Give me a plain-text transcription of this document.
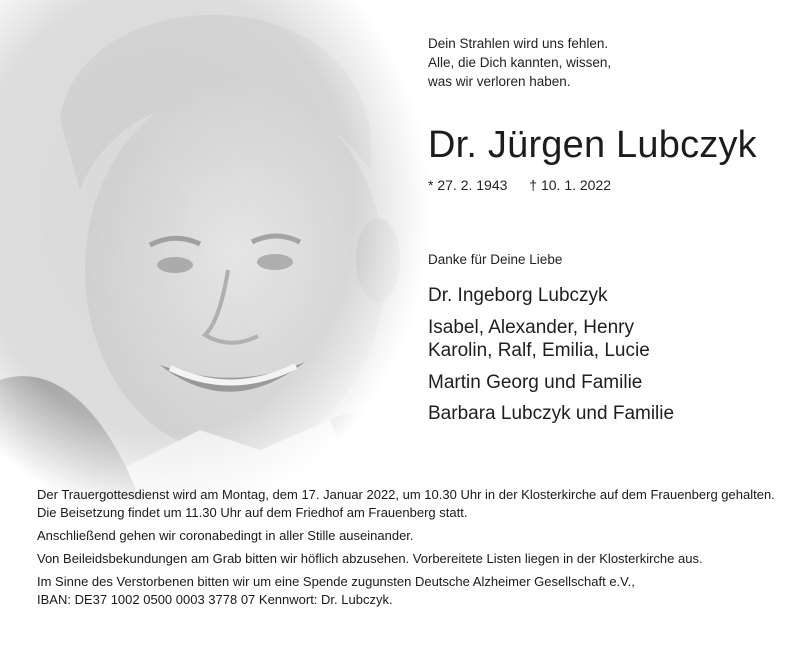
Dein Strahlen wird uns fehlen.
Alle, die Dich kannten, wissen,
was wir verloren haben.
Dr. Jürgen Lubczyk
* 27. 2. 1943 † 10. 1. 2022
Danke für Deine Liebe
Dr. Ingeborg Lubczyk
Isabel, Alexander, Henry
Karolin, Ralf, Emilia, Lucie
Martin Georg und Familie
Barbara Lubczyk und Familie

Der Trauergottesdienst wird am Montag, dem 17. Januar 2022, um 10.30 Uhr in der Klosterkirche auf dem Frauenberg gehalten.
Die Beisetzung findet um 11.30 Uhr auf dem Friedhof am Frauenberg statt.

Anschließend gehen wir coronabedingt in aller Stille auseinander.

Von Beileidsbekundungen am Grab bitten wir höflich abzusehen. Vorbereitete Listen liegen in der Klosterkirche aus.

Im Sinne des Verstorbenen bitten wir um eine Spende zugunsten Deutsche Alzheimer Gesellschaft e.V.,
IBAN: DE37 1002 0500 0003 3778 07 Kennwort: Dr. Lubczyk.
